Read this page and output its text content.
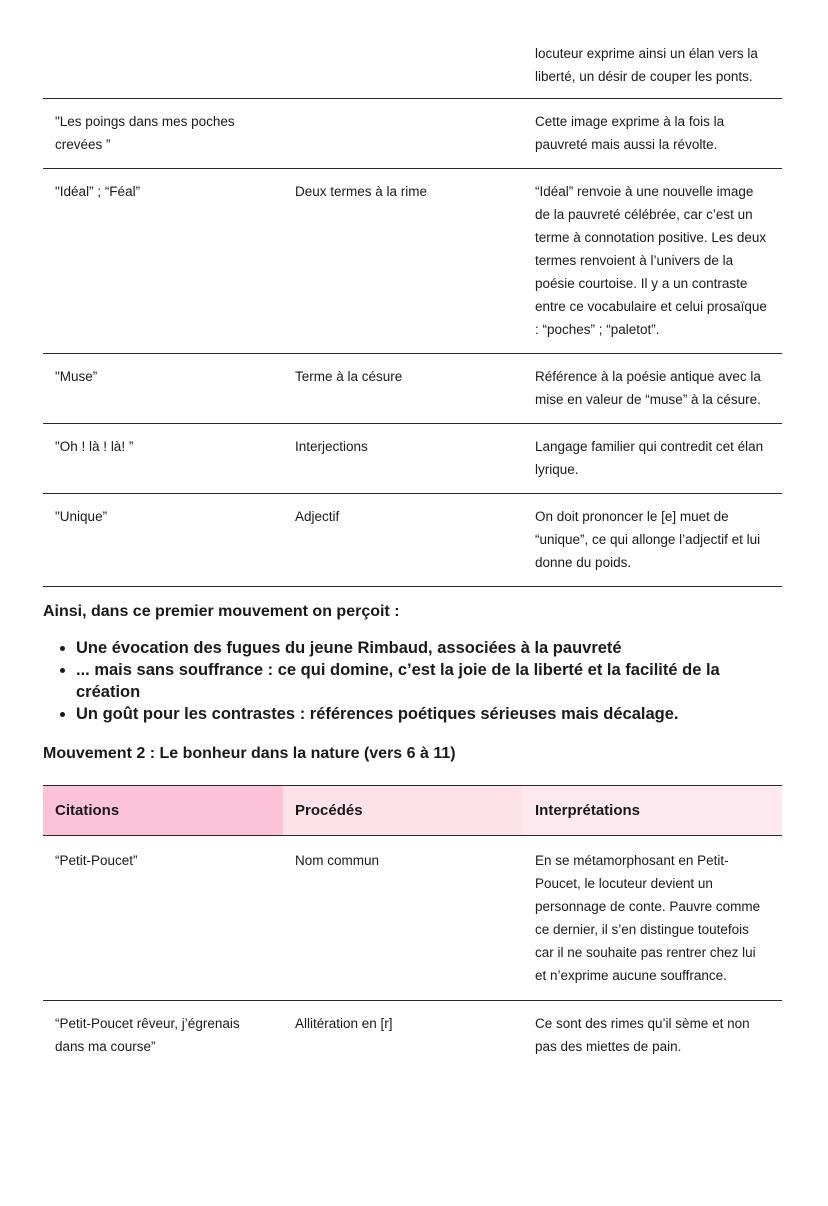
		locuteur exprime ainsi un élan vers la liberté, un désir de couper les ponts.
"Les poings dans mes poches crevées ”		Cette image exprime à la fois la pauvreté mais aussi la révolte.
"Idéal” ; “Féal”	Deux termes à la rime	“Idéal” renvoie à une nouvelle image de la pauvreté célébrée, car c’est un terme à connotation positive. Les deux termes renvoient à l’univers de la poésie courtoise. Il y a un contraste entre ce vocabulaire et celui prosaïque : “poches” ; “paletot”.
"Muse”	Terme à la césure	Référence à la poésie antique avec la mise en valeur de “muse” à la césure.
"Oh ! là ! là! ”	Interjections	Langage familier qui contredit cet élan lyrique.
"Unique”	Adjectif	On doit prononcer le [e] muet de “unique”, ce qui allonge l’adjectif et lui donne du poids.

Ainsi, dans ce premier mouvement on perçoit :

• Une évocation des fugues du jeune Rimbaud, associées à la pauvreté
• ... mais sans souffrance : ce qui domine, c’est la joie de la liberté et la facilité de la création
• Un goût pour les contrastes : références poétiques sérieuses mais décalage.

Mouvement 2 : Le bonheur dans la nature (vers 6 à 11)

Citations	Procédés	Interprétations
“Petit-Poucet”	Nom commun	En se métamorphosant en Petit-Poucet, le locuteur devient un personnage de conte. Pauvre comme ce dernier, il s’en distingue toutefois car il ne souhaite pas rentrer chez lui et n’exprime aucune souffrance.
“Petit-Poucet rêveur, j’égrenais dans ma course”	Allitération en [r]	Ce sont des rimes qu’il sème et non pas des miettes de pain.
